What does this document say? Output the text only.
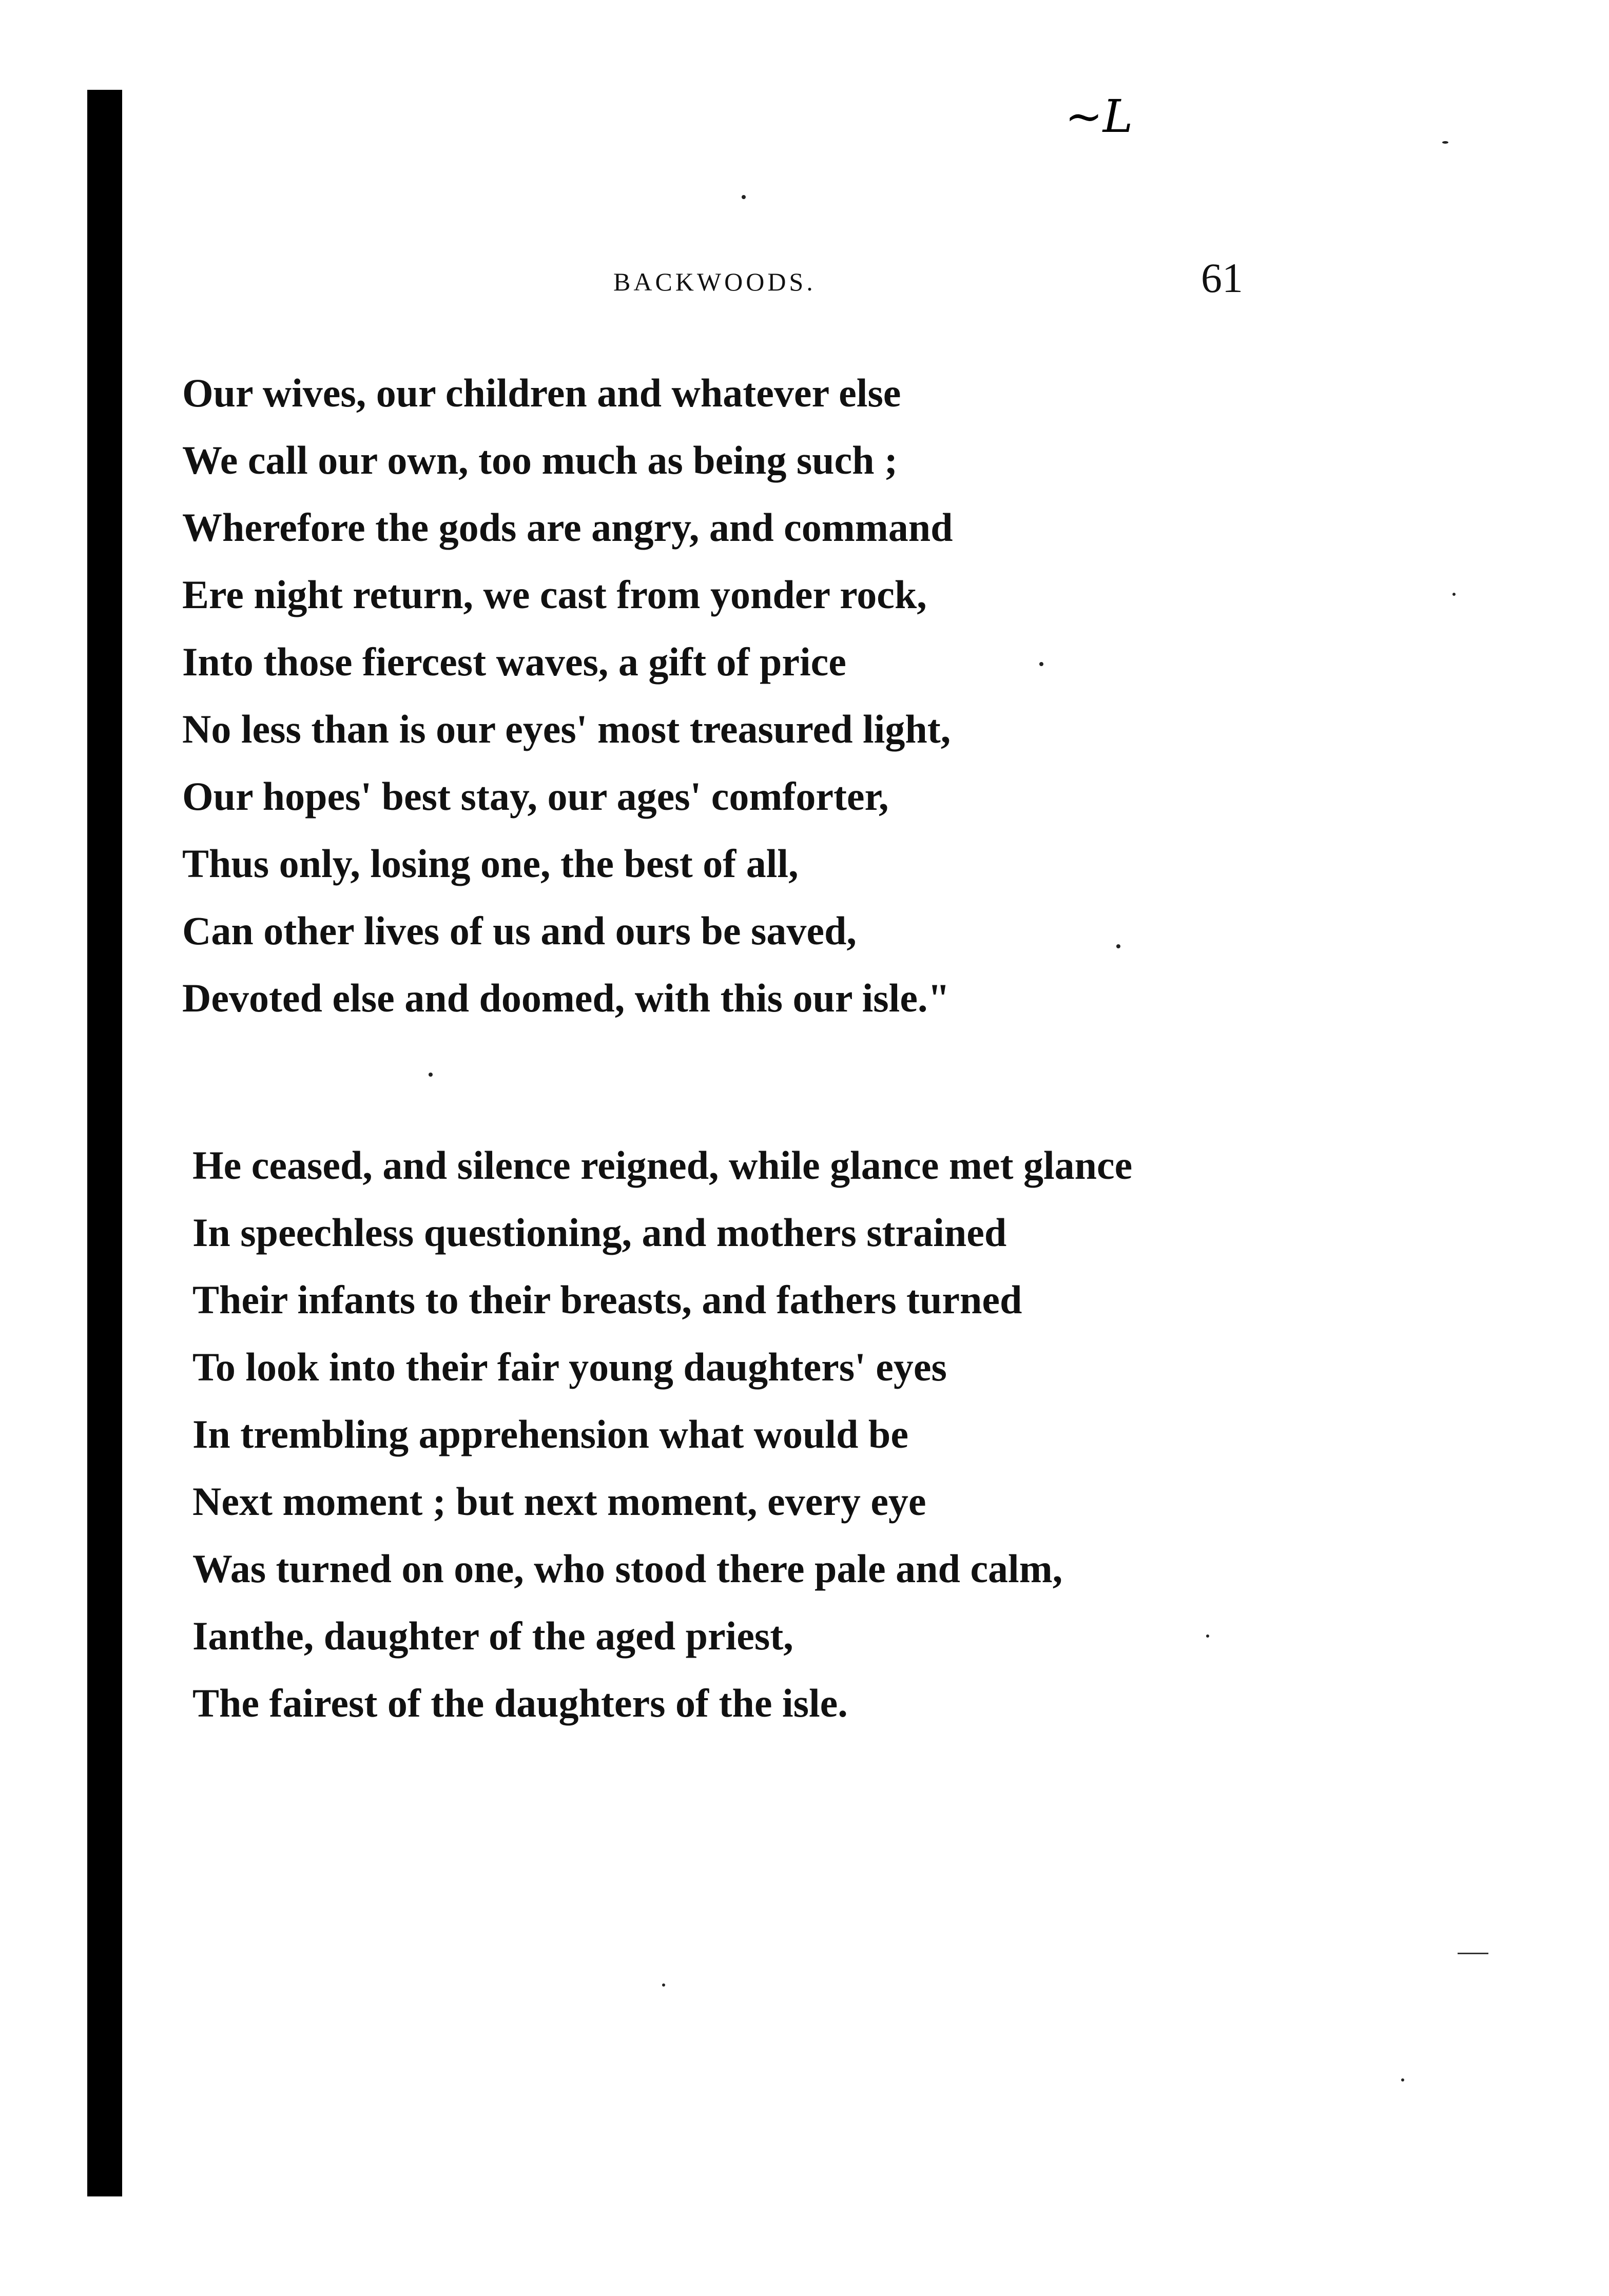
~L
BACKWOODS.	61
Our wives, our children and whatever else
We call our own, too much as being such ;
Wherefore the gods are angry, and command
Ere night return, we cast from yonder rock,
Into those fiercest waves, a gift of price
No less than is our eyes' most treasured light,
Our hopes' best stay, our ages' comforter,
Thus only, losing one, the best of all,
Can other lives of us and ours be saved,
Devoted else and doomed, with this our isle."
He ceased, and silence reigned, while glance met glance
In speechless questioning, and mothers strained
Their infants to their breasts, and fathers turned
To look into their fair young daughters' eyes
In trembling apprehension what would be
Next moment ; but next moment, every eye
Was turned on one, who stood there pale and calm,
Ianthe, daughter of the aged priest,
The fairest of the daughters of the isle.
